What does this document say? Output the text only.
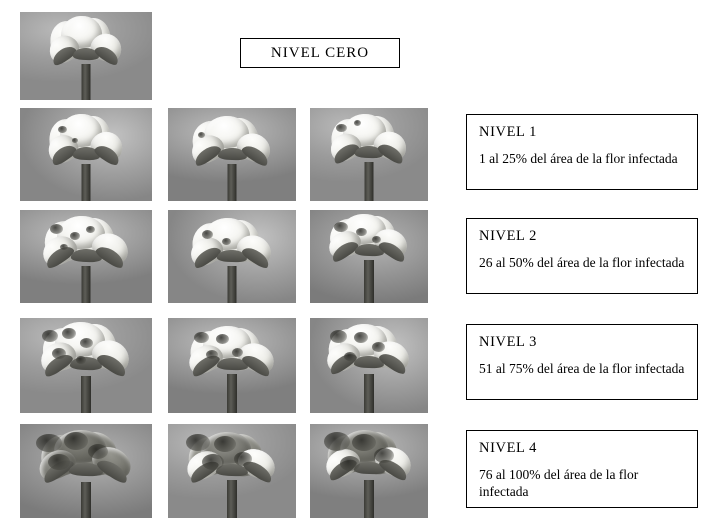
NIVEL CERO

NIVEL 1

1 al 25% del área de la flor infectada

NIVEL 2

26 al 50% del área de la flor infectada

NIVEL 3

51 al 75% del área de la flor infectada

NIVEL 4

76 al 100% del área de la flor infectada
